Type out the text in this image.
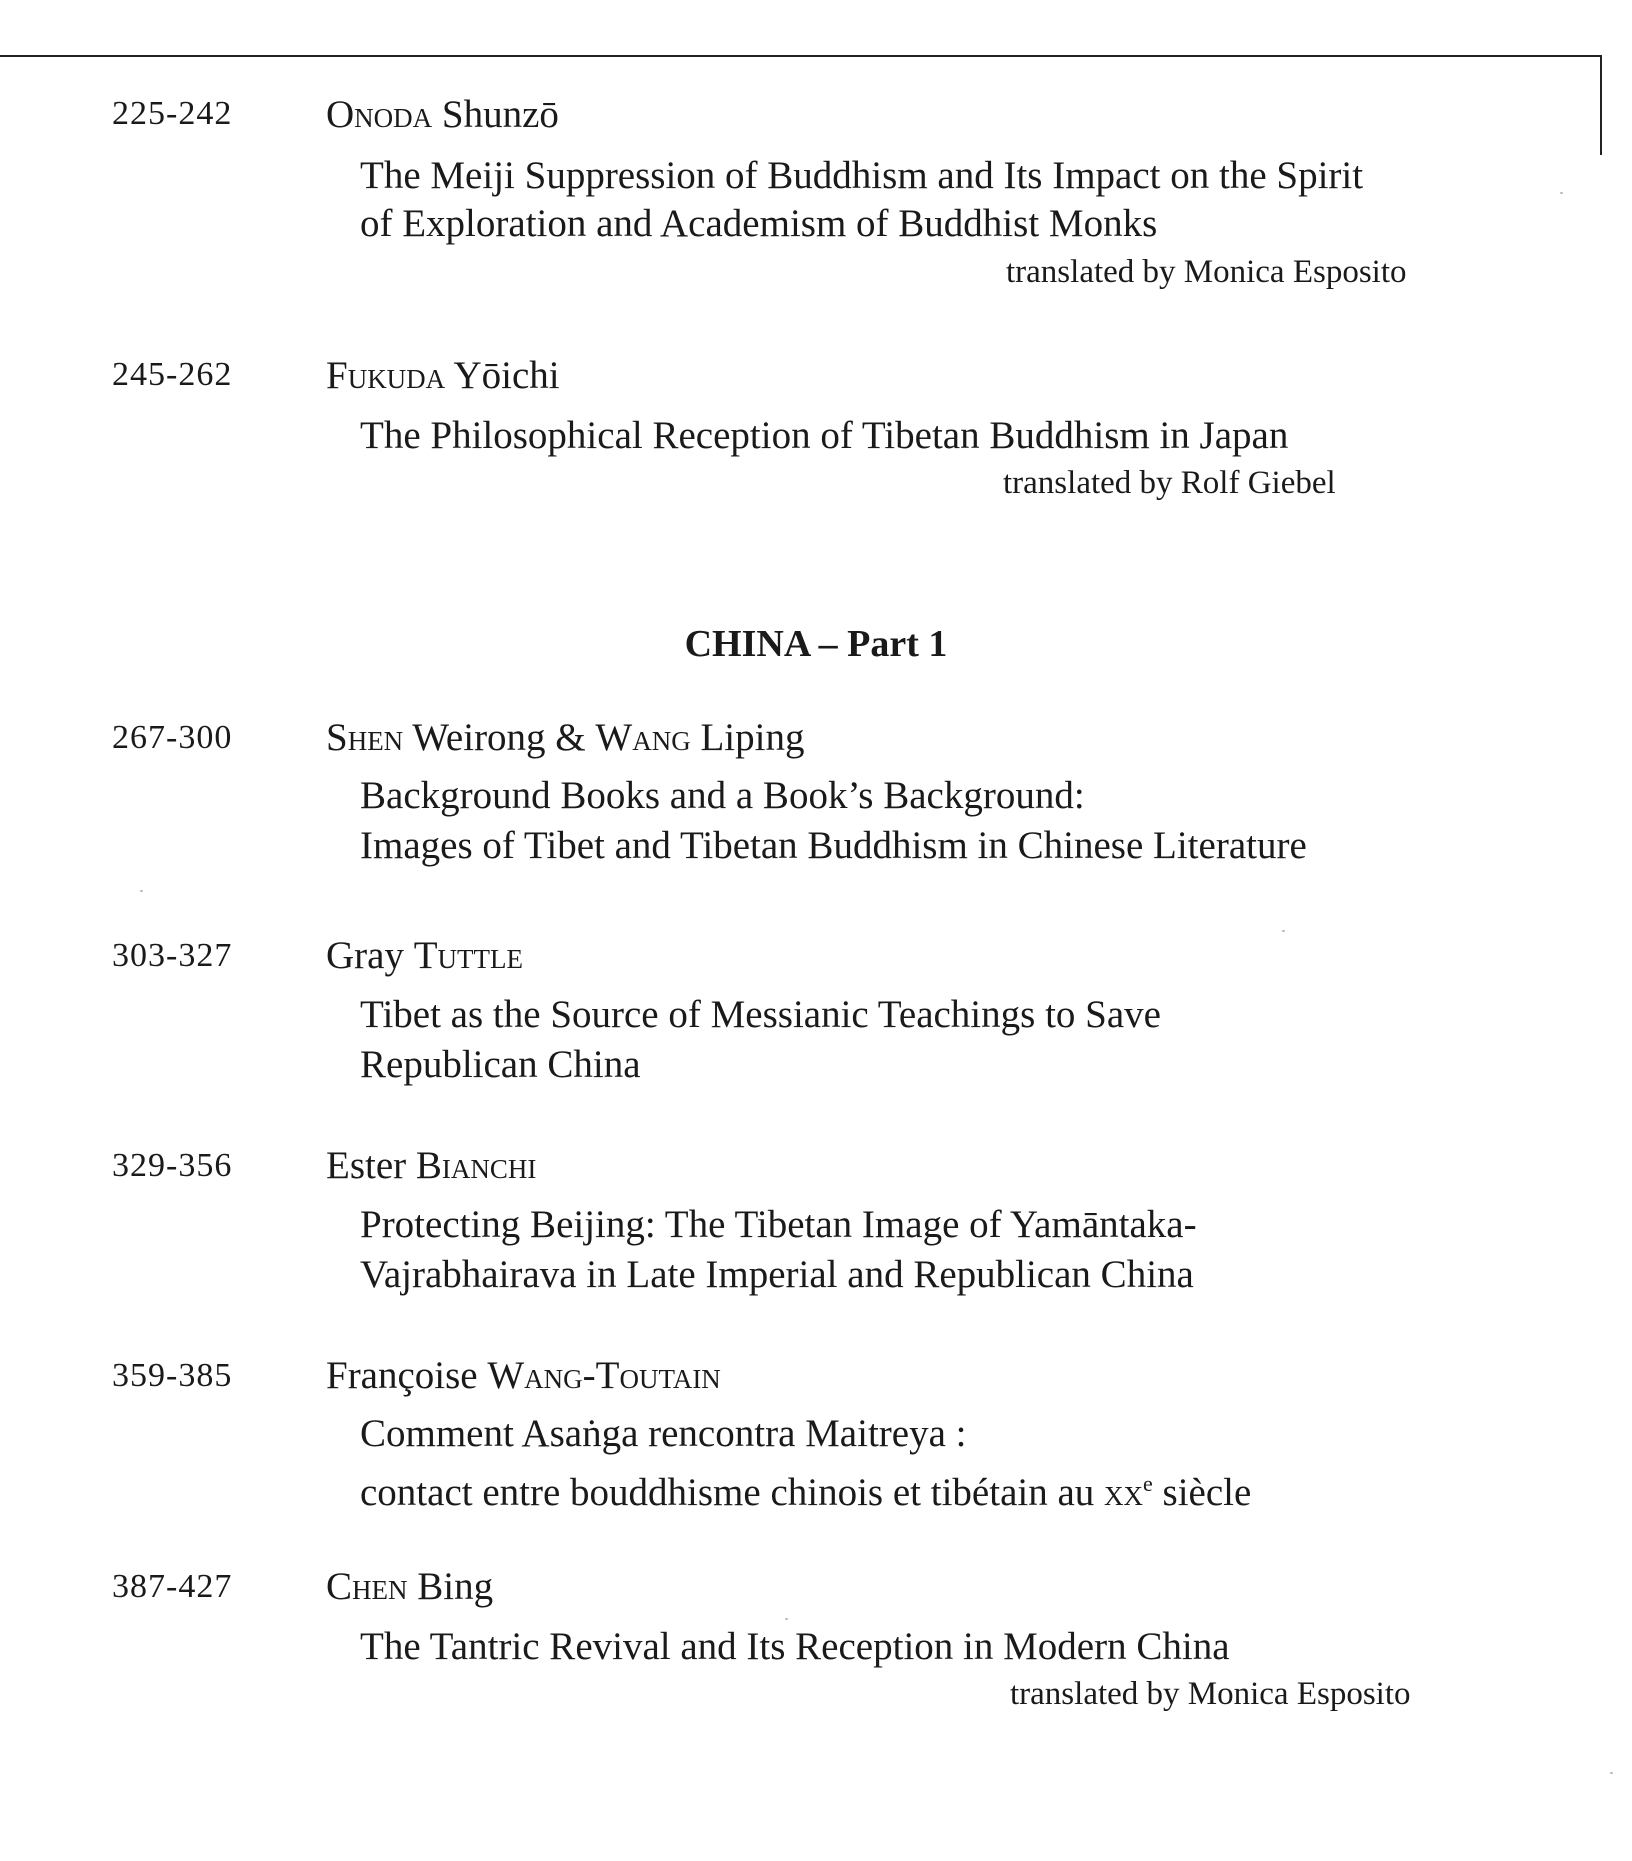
225-242 Onoda Shunzō
The Meiji Suppression of Buddhism and Its Impact on the Spirit
of Exploration and Academism of Buddhist Monks
translated by Monica Esposito
245-262 Fukuda Yōichi
The Philosophical Reception of Tibetan Buddhism in Japan
translated by Rolf Giebel
CHINA – Part 1
267-300 Shen Weirong & Wang Liping
Background Books and a Book’s Background:
Images of Tibet and Tibetan Buddhism in Chinese Literature
303-327 Gray Tuttle
Tibet as the Source of Messianic Teachings to Save
Republican China
329-356 Ester Bianchi
Protecting Beijing: The Tibetan Image of Yamāntaka-
Vajrabhairava in Late Imperial and Republican China
359-385 Françoise Wang-Toutain
Comment Asaṅga rencontra Maitreya :
contact entre bouddhisme chinois et tibétain au $xx^e$ siècle
387-427 Chen Bing
The Tantric Revival and Its Reception in Modern China
translated by Monica Esposito
